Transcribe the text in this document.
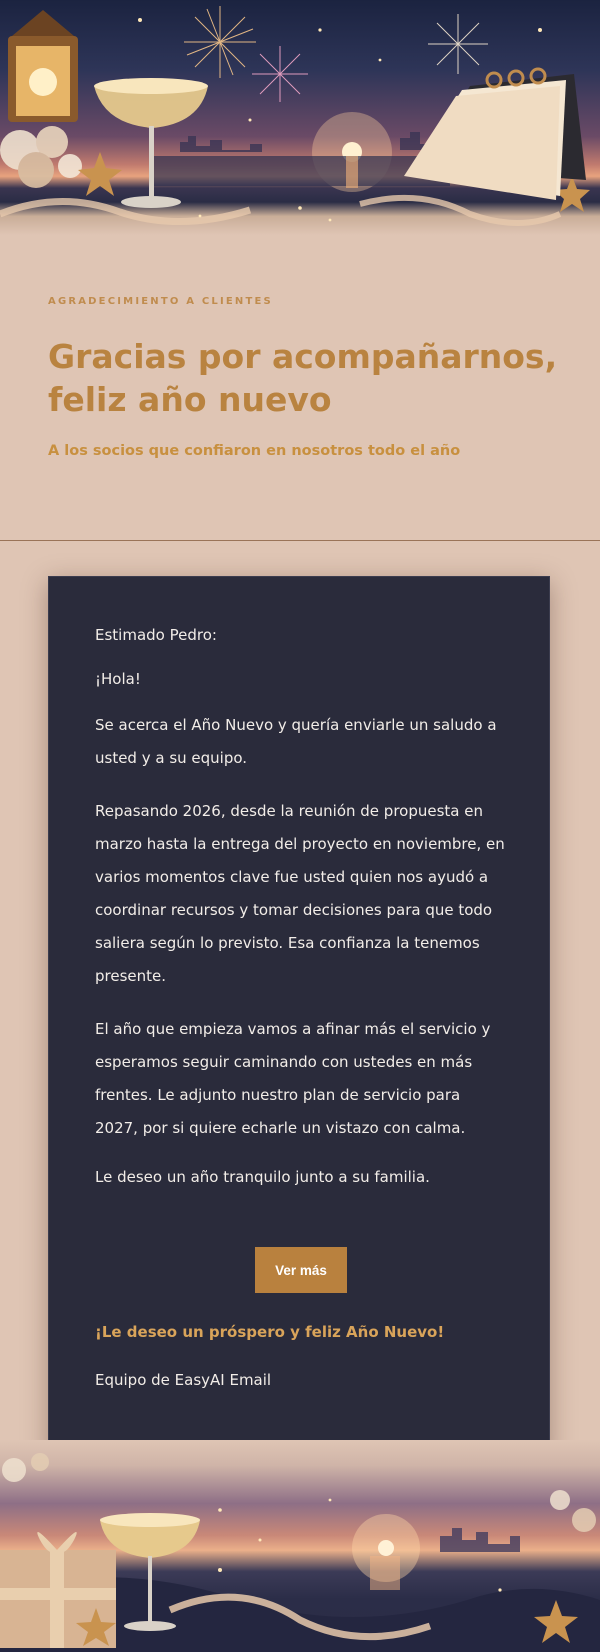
AGRADECIMIENTO A CLIENTES

Gracias por acompañarnos,
feliz año nuevo

A los socios que confiaron en nosotros todo el año

Estimado Pedro:

¡Hola!

Se acerca el Año Nuevo y quería enviarle un saludo a usted y a su equipo.

Repasando 2026, desde la reunión de propuesta en marzo hasta la entrega del proyecto en noviembre, en varios momentos clave fue usted quien nos ayudó a coordinar recursos y tomar decisiones para que todo saliera según lo previsto. Esa confianza la tenemos presente.

El año que empieza vamos a afinar más el servicio y esperamos seguir caminando con ustedes en más frentes. Le adjunto nuestro plan de servicio para 2027, por si quiere echarle un vistazo con calma.

Le deseo un año tranquilo junto a su familia.

Ver más
¡Le deseo un próspero y feliz Año Nuevo!
Equipo de EasyAI Email
